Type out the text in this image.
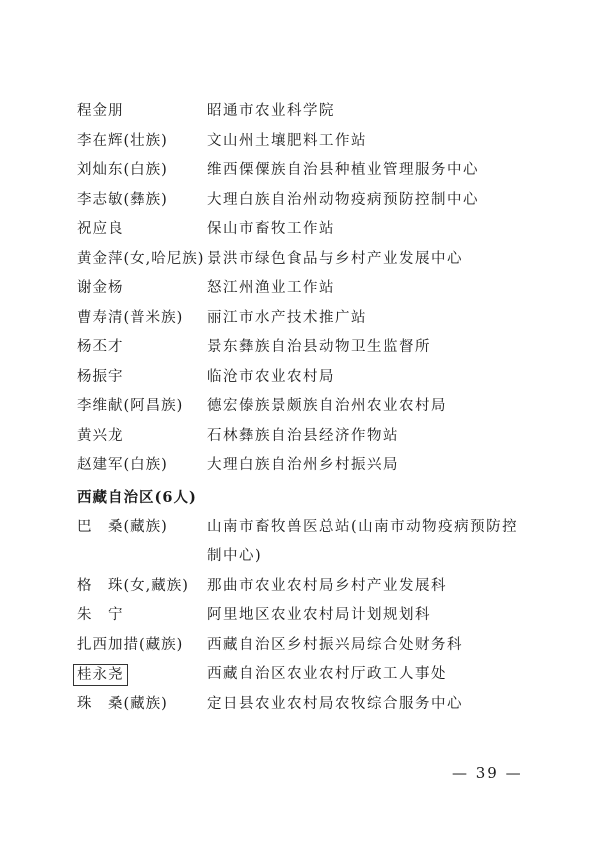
程金朋	昭通市农业科学院
李在辉(壮族)	文山州土壤肥料工作站
刘灿东(白族)	维西傈僳族自治县种植业管理服务中心
李志敏(彝族)	大理白族自治州动物疫病预防控制中心
祝应良	保山市畜牧工作站
黄金萍(女,哈尼族) 景洪市绿色食品与乡村产业发展中心
谢金杨	怒江州渔业工作站
曹寿清(普米族) 丽江市水产技术推广站
杨丕才	景东彝族自治县动物卫生监督所
杨振宇	临沧市农业农村局
李维献(阿昌族) 德宏傣族景颇族自治州农业农村局
黄兴龙	石林彝族自治县经济作物站
赵建军(白族)	大理白族自治州乡村振兴局
西藏自治区(6人)
巴　桑(藏族)	山南市畜牧兽医总站(山南市动物疫病预防控
制中心)
格　珠(女,藏族) 那曲市农业农村局乡村产业发展科
朱　宁	阿里地区农业农村局计划规划科
扎西加措(藏族) 西藏自治区乡村振兴局综合处财务科
桂永尧	西藏自治区农业农村厅政工人事处
珠　桑(藏族)	定日县农业农村局农牧综合服务中心
— 39 —
